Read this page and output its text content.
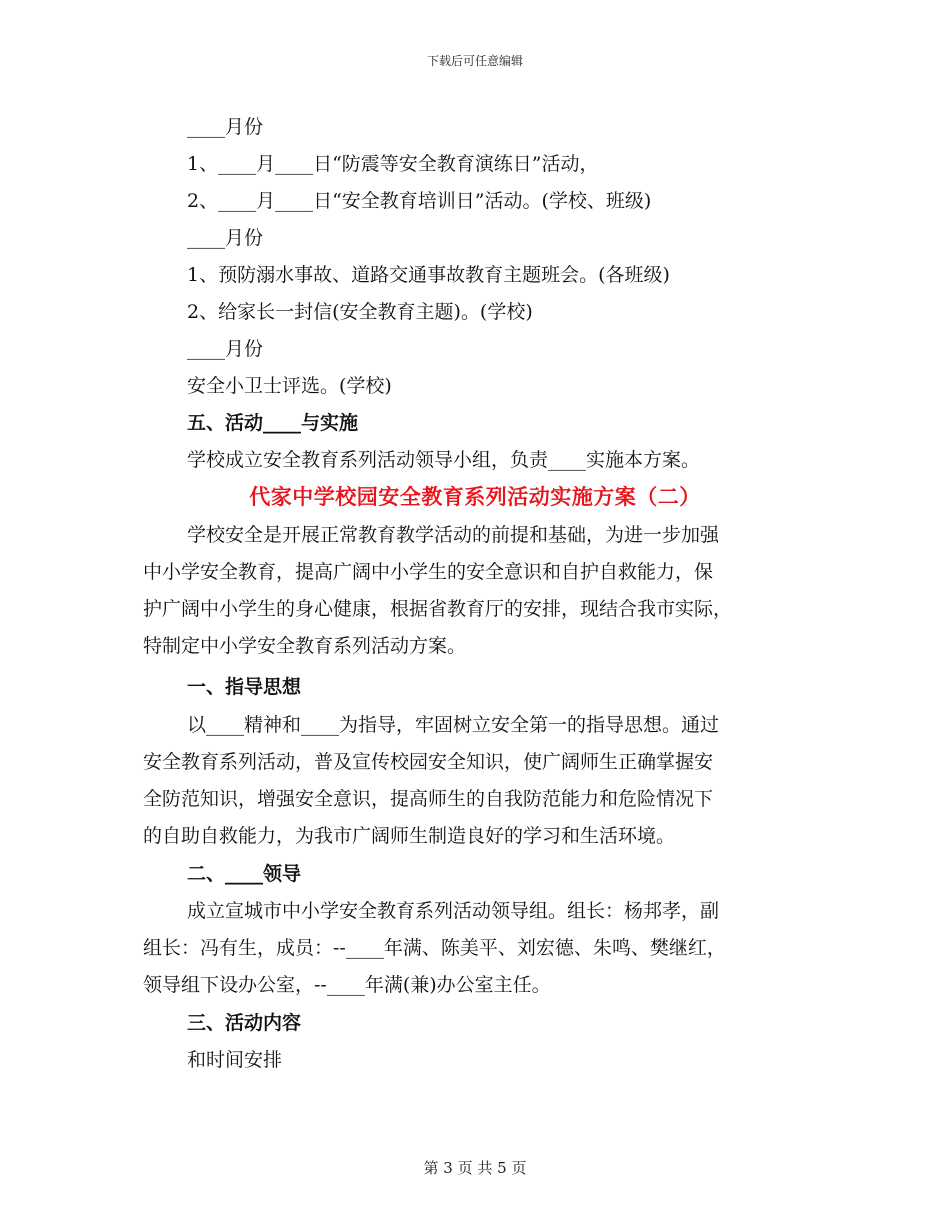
下载后可任意编辑
____月份
1、____月____日“防震等安全教育演练日”活动，
2、____月____日“安全教育培训日”活动。(学校、班级)
____月份
1、预防溺水事故、道路交通事故教育主题班会。(各班级)
2、给家长一封信(安全教育主题)。(学校)
____月份
安全小卫士评选。(学校)
五、活动____与实施
学校成立安全教育系列活动领导小组，负责____实施本方案。
代家中学校园安全教育系列活动实施方案（二）
学校安全是开展正常教育教学活动的前提和基础，为进一步加强
中小学安全教育，提高广阔中小学生的安全意识和自护自救能力，保
护广阔中小学生的身心健康，根据省教育厅的安排，现结合我市实际，
特制定中小学安全教育系列活动方案。
一、指导思想
以____精神和____为指导，牢固树立安全第一的指导思想。通过
安全教育系列活动，普及宣传校园安全知识，使广阔师生正确掌握安
全防范知识，增强安全意识，提高师生的自我防范能力和危险情况下
的自助自救能力，为我市广阔师生制造良好的学习和生活环境。
二、____领导
成立宣城市中小学安全教育系列活动领导组。组长：杨邦孝，副
组长：冯有生，成员：--____年满、陈美平、刘宏德、朱鸣、樊继红，
领导组下设办公室，--____年满(兼)办公室主任。
三、活动内容
和时间安排
第 3 页 共 5 页
